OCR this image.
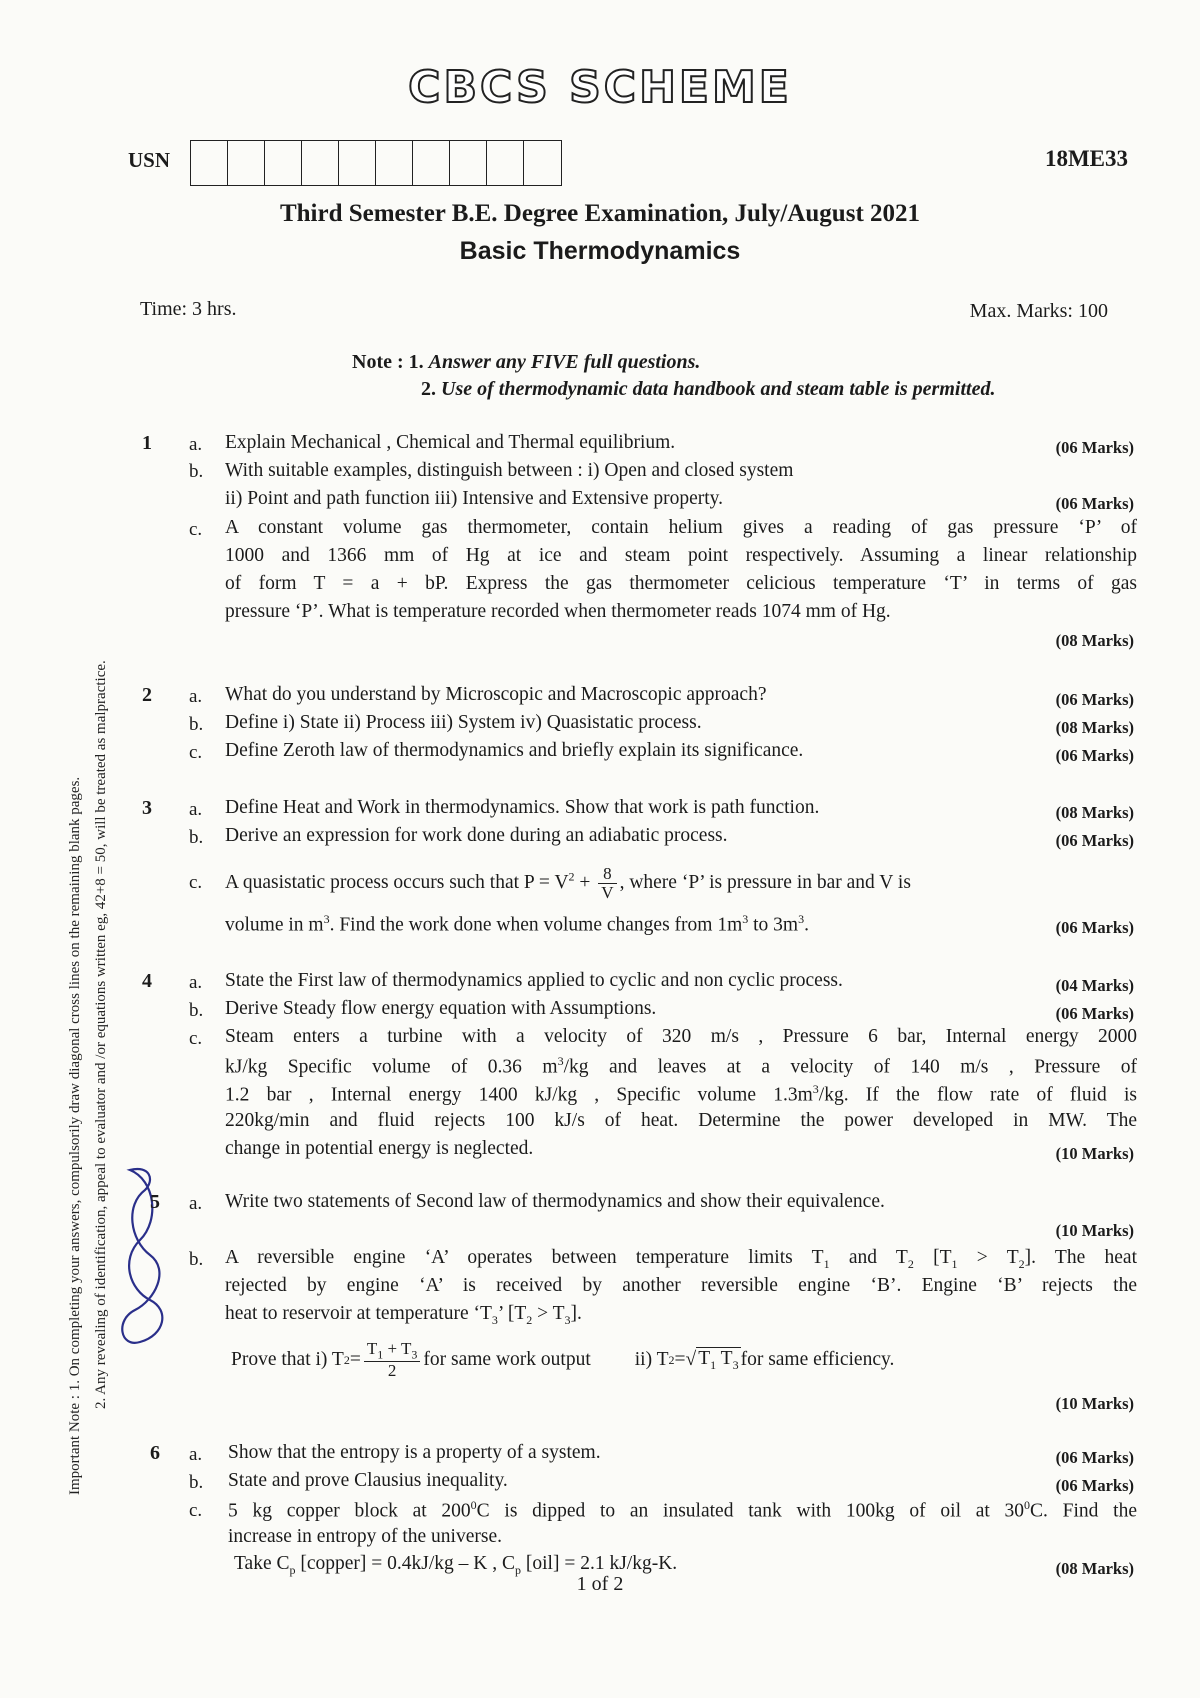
CBCS SCHEME
USN	18ME33
Third Semester B.E. Degree Examination, July/August 2021
Basic Thermodynamics
Time: 3 hrs.	Max. Marks: 100
Note : 1. Answer any FIVE full questions.
2. Use of thermodynamic data handbook and steam table is permitted.
Important Note : 1. On completing your answers, compulsorily draw diagonal cross lines on the remaining blank pages. 2. Any revealing of identification, appeal to evaluator and /or equations written eg, 42+8 = 50, will be treated as malpractice.
1 a. Explain Mechanical , Chemical and Thermal equilibrium.	(06 Marks)
b. With suitable examples, distinguish between : i) Open and closed system
ii) Point and path function iii) Intensive and Extensive property.	(06 Marks)
c. A constant volume gas thermometer, contain helium gives a reading of gas pressure ‘P’ of
1000 and 1366 mm of Hg at ice and steam point respectively. Assuming a linear relationship
of form T = a + bP. Express the gas thermometer celicious temperature ‘T’ in terms of gas
pressure ‘P’. What is temperature recorded when thermometer reads 1074 mm of Hg.
(08 Marks)
2 a. What do you understand by Microscopic and Macroscopic approach?	(06 Marks)
b. Define i) State ii) Process iii) System iv) Quasistatic process.	(08 Marks)
c. Define Zeroth law of thermodynamics and briefly explain its significance.	(06 Marks)
3 a. Define Heat and Work in thermodynamics. Show that work is path function.	(08 Marks)
b. Derive an expression for work done during an adiabatic process.	(06 Marks)
c. A quasistatic process occurs such that $P = V^2 + \frac{8}{V}$ , where ‘P’ is pressure in bar and V is
volume in $m^3$. Find the work done when volume changes from $1m^3$ to $3m^3$.	(06 Marks)
4 a. State the First law of thermodynamics applied to cyclic and non cyclic process.	(04 Marks)
b. Derive Steady flow energy equation with Assumptions.	(06 Marks)
c. Steam enters a turbine with a velocity of 320 m/s , Pressure 6 bar, Internal energy 2000
kJ/kg Specific volume of 0.36 $m^3/kg$ and leaves at a velocity of 140 m/s , Pressure of
1.2 bar , Internal energy 1400 kJ/kg , Specific volume $1.3m^3/kg$. If the flow rate of fluid is
220kg/min and fluid rejects 100 kJ/s of heat. Determine the power developed in MW. The
change in potential energy is neglected.	(10 Marks)
5 a. Write two statements of Second law of thermodynamics and show their equivalence.
(10 Marks)
b. A reversible engine ‘A’ operates between temperature limits $T_1$ and $T_2$ $[T_1 > T_2]$. The heat
rejected by engine ‘A’ is received by another reversible engine ‘B’. Engine ‘B’ rejects the
heat to reservoir at temperature ‘$T_3$’ $[T_2 > T_3]$.
Prove that i) T $2 = \frac{T_1 + T_3}{2}$ for same work output ii) T 2 = √ $T_1$ $T_3$ for same efficiency.
(10 Marks)
6 a. Show that the entropy is a property of a system.	(06 Marks)
b. State and prove Clausius inequality.	(06 Marks)
c. 5 kg copper block at $200^0C$ is dipped to an insulated tank with 100kg of oil at $30^0C$. Find the
increase in entropy of the universe.
Take $C_p$ [copper] = 0.4kJ/kg – K , $C_p$ [oil] = 2.1 kJ/kg-K.	(08 Marks)
1 of 2
